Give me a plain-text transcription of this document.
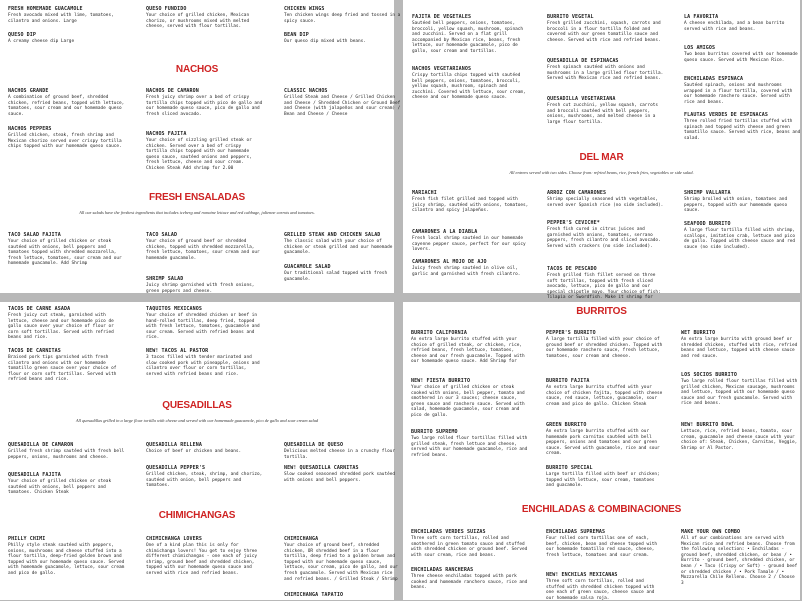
FRESH HOMEMADE GUACAMOLE
Fresh avocado mixed with lime, tomatoes, cilantro and onions. Large
QUESO FUNDIDO
Your choice of grilled chicken, Mexican chorizo, or mushrooms mixed with melted cheese, served with flour tortillas.
CHICKEN WINGS
Ten chicken wings deep fried and tossed in a spicy sauce.
QUESO DIP
A creamy cheese dip Large
BEAN DIP
Our queso dip mixed with beans.
NACHOS
NACHOS GRANDE
A combination of ground beef, shredded chicken, refried beans, topped with lettuce, tomatoes, sour cream and our homemade queso sauce.
NACHOS DE CAMARON
Fresh juicy shrimp over a bed of crispy tortilla chips topped with pico de gallo and our homemade queso sauce, pico de gallo and fresh sliced avocado.
CLASSIC NACHOS
Grilled Steak and Cheese / Grilled Chicken and Cheese / Shredded Chicken or Ground Beef and Cheese (with jalapeños and sour cream) / Bean and Cheese / Cheese
NACHOS PEPPERS
Grilled chicken, steak, fresh shrimp and Mexican chorizo served over crispy tortilla chips topped with our homemade queso sauce.
NACHOS FAJITA
Your choice of sizzling grilled steak or chicken. Served over a bed of crispy tortilla chips topped with our homemade queso sauce, sautéed onions and peppers, fresh lettuce, cheese and sour cream. Chicken Steak Add shrimp for 2.00
FRESH ENSALADAS
All our salads have the freshest ingredients that includes iceberg and romaine lettuce and red cabbage, julienne carrots and tomatoes.
TACO SALAD FAJITA
Your choice of grilled chicken or steak sautéed with onions, bell peppers and tomatoes topped with shredded mozzarella, fresh lettuce, tomatoes, sour cream and our homemade guacamole. Add Shrimp
TACO SALAD
Your choice of ground beef or shredded chicken, topped with shredded mozzarella, fresh lettuce, tomatoes, sour cream and our homemade guacamole.
GRILLED STEAK AND CHICKEN SALAD
The classic salad with your choice of chicken or steak grilled and our homemade guacamole.
SHRIMP SALAD
Juicy shrimp garnished with fresh onions, green peppers and cheese.
GUACAMOLE SALAD
Our traditional salad topped with fresh guacamole.
FAJITA DE VEGETALES
Sautéed bell peppers, onions, tomatoes, broccoli, yellow squash, mushroom, spinach and zucchini. Served on a flat grill accompanied by Mexican rice, beans, fresh lettuce, our homemade guacamole, pico de gallo, sour cream and tortillas.
BURRITO VEGETAL
Fresh grilled zucchini, squash, carrots and broccoli in a flour tortilla folded and covered with our green tomatillo sauce and cheese. Served with rice and refried beans.
LA FAVORITA
A cheese enchilada, and a bean burrito served with rice and beans.
NACHOS VEGETARIANOS
Crispy tortilla chips topped with sautéed bell peppers, onions, tomatoes, broccoli, yellow squash, mushroom, spinach and zucchini. Covered with lettuce, sour cream, cheese and our homemade queso sauce.
QUESADILLA DE ESPINACAS
Fresh spinach sautéed with onions and mushrooms in a large grilled flour tortilla. Served with Mexican rice and refried beans.
LOS AMIGOS
Two bean burritos covered with our homemade queso sauce. Served with Mexican Rice.
QUESADILLA VEGETARIANA
Fresh cut zucchini, yellow squash, carrots and broccoli sautéed with bell peppers, onions, mushrooms, and melted cheese in a large flour tortilla.
ENCHILADAS ESPINACA
Sautéed spinach, onions and mushrooms wrapped in a flour tortilla, covered with our homemade ranchero sauce. Served with rice and beans.
FLAUTAS VERDES DE ESPINACAS
Three rolled fried tortillas stuffed with spinach and topped with cheese and green tomatillo sauce. Served with rice, beans and salad.
DEL MAR
All entrees served with two sides. Choose from: refried beans, rice, french fries, vegetables or side salad.
MARIACHI
Fresh fish filet grilled and topped with juicy shrimp, sautéed with onions, tomatoes, cilantro and spicy jalapeños.
ARROZ CON CAMARONES
Shrimp specially seasoned with vegetables, served over Spanish rice (no side included).
SHRIMP VALLARTA
Shrimp broiled with onion, tomatoes and peppers, topped with our homemade queso sauce.
PEPPER'S CEVICHE*
Fresh fish cured in citrus juices and garnished with onions, tomatoes, serrano peppers, fresh cilantro and sliced avocado. Served with crackers (no side included).
SEAFOOD BURRITO
A large flour tortilla filled with shrimp, scallops, imitation crab, lettuce and pico de gallo. Topped with cheese sauce and red sauce (no side included).
CAMARONES A LA DIABLA
Fresh local shrimp sautéed in our homemade cayenne pepper sauce, perfect for our spicy lovers.
CAMARONES AL MOJO DE AJO
Juicy fresh shrimp sautéed in olive oil, garlic and garnished with fresh cilantro.
TACOS DE PESCADO
Fresh grilled fish fillet served on three soft tortillas, topped with fresh sliced avocado, lettuce, pico de gallo and our special chipotle mayo. Your choice of fish: Tilapia or Swordfish. Make it shrimp for
TACOS DE CARNE ASADA
Fresh juicy cut steak, garnished with lettuce, cheese and our homemade pico de gallo sauce over your choice of flour or corn soft tortillas. Served with refried beans and rice.
TAQUITOS MEXICANOS
Your choice of shredded chicken or beef in hand-rolled tortillas, deep fried, topped with fresh lettuce, tomatoes, guacamole and sour cream. Served with refried beans and rice.
TACOS DE CARNITAS
Braised pork tips garnished with fresh cilantro and onions with our homemade tomatillo green sauce over your choice of flour or corn soft tortillas. Served with refried beans and rice.
NEW! TACOS AL PASTOR
3 tacos filled with tender marinated and slow cooked pork with pineapple, onions and cilantro over flour or corn tortillas, served with refried beans and rice.
QUESADILLAS
All quesadillas grilled in a large flour tortilla with cheese and served with our homemade guacamole, pico de gallo and sour cream salad
QUESADILLA DE CAMARON
Grilled fresh shrimp sautéed with fresh bell peppers, onions, mushrooms and cheese.
QUESADILLA RELLENA
Choice of beef or chicken and beans.
QUESADILLA DE QUESO
Delicious melted cheese in a crunchy flour tortilla.
QUESADILLA FAJITA
Your choice of grilled chicken or steak sautéed with onions, bell peppers and tomatoes. Chicken Steak
QUESADILLA PEPPER'S
Grilled chicken, steak, shrimp, and chorizo, sautéed with onion, bell peppers and tomatoes.
NEW! QUESADILLA CARNITAS
Slow cooked seasoned shredded pork sautéed with onions and bell peppers.
CHIMICHANGAS
PHILLY CHIMI
Philly style steak sautéed with peppers, onions, mushrooms and cheese stuffed into a flour tortilla, deep-fried golden brown and topped with our homemade queso sauce. Served with homemade guacamole, lettuce, sour cream and pico de gallo.
CHIMICHANGA LOVERS
One of a kind plan this is only for chimichanga lovers! You get to enjoy three different chimichangas - one each of juicy shrimp, ground beef and shredded chicken, topped with our homemade queso sauce and served with rice and refried beans.
CHIMICHANGA
Your choice of ground beef, shredded chicken, OR shredded beef in a flour tortilla, deep fried to a golden brown and topped with our homemade queso sauce, lettuce, sour cream, pico de gallo, and our fresh guacamole. Served with Mexican rice and refried beans. / Grilled Steak / Shrimp
CHIMICHANGA TAPATIO
BURRITOS
BURRITO CALIFORNIA
An extra large burrito stuffed with your choice of grilled steak, or chicken, rice, refried beans, fresh lettuce, tomatoes, cheese and our fresh guacamole. Topped with our homemade queso sauce. Add Shrimp for
PEPPER'S BURRITO
A large tortilla filled with your choice of ground beef or shredded chicken. Topped with our homemade ranchero sauce, fresh lettuce, tomatoes, sour cream and cheese.
WET BURRITO
An extra large burrito with ground beef or shredded chicken, stuffed with rice, refried beans and lettuce, topped with cheese sauce and red sauce.
NEW! FIESTA BURRITO
Your choice of grilled chicken or steak cooked with onions, bell pepper, tomato and smothered in our 3 sauces; cheese sauce, green sauce and ranchero sauce. Served with salad, homemade guacamole, sour cream and pico de gallo.
BURRITO FAJITA
An extra large burrito stuffed with your choice of chicken fajita, topped with cheese sauce, red sauce, lettuce, guacamole, sour cream and pico de gallo. Chicken Steak
LOS SOCIOS BURRITO
Two large rolled flour tortillas filled with grilled chicken, Mexican sausage, mushrooms and lettuce, topped with our homemade queso sauce and our fresh guacamole. Served with rice and beans.
BURRITO SUPREMO
Two large rolled flour tortillas filled with grilled steak, fresh lettuce and cheese, served with our homemade guacamole, rice and refried beans.
GREEN BURRITO
An extra large burrito stuffed with our homemade pork carnitas sautéed with bell peppers, onions and tomatoes and our green sauce. Served with guacamole, rice and sour cream.
NEW! BURRITO BOWL
Lettuce, rice, refried beans, tomato, sour cream, guacamole and cheese sauce with your choice of: Steak, Chicken, Carnitas, Veggie, Shrimp or Al Pastor.
BURRITO SPECIAL
Large tortilla filled with beef or chicken; topped with lettuce, sour cream, tomatoes and guacamole.
ENCHILADAS & COMBINACIONES
ENCHILADAS VERDES SUIZAS
Three soft corn tortillas, rolled and smothered in green tomato sauce and stuffed with shredded chicken or ground beef. Served with sour cream, rice and beans.
ENCHILADAS SUPREMAS
Four rolled corn tortillas one of each, beef, chicken, bean and cheese topped with our homemade tomatillo red sauce, cheese, fresh lettuce, tomatoes and sour cream.
MAKE YOUR OWN COMBO
All of our combinations are served with Mexican rice and refried beans. Choose from the following selection: • Enchiladas - ground beef, shredded chicken, or bean / • Burrito - ground beef, shredded chicken, or bean / • Taco (Crispy or Soft) - ground beef or shredded chicken / • Pork Tamale / • Mozzarella Chile Relleno. Choose 2 / Choose 3
ENCHILADAS RANCHERAS
Three cheese enchiladas topped with pork cooked and homemade ranchero sauce, rice and beans.
NEW! ENCHILAS MEXICANAS
Three soft corn tortillas, rolled and stuffed with shredded chicken topped with one each of green sauce, cheese sauce and our homemade salsa roja.
